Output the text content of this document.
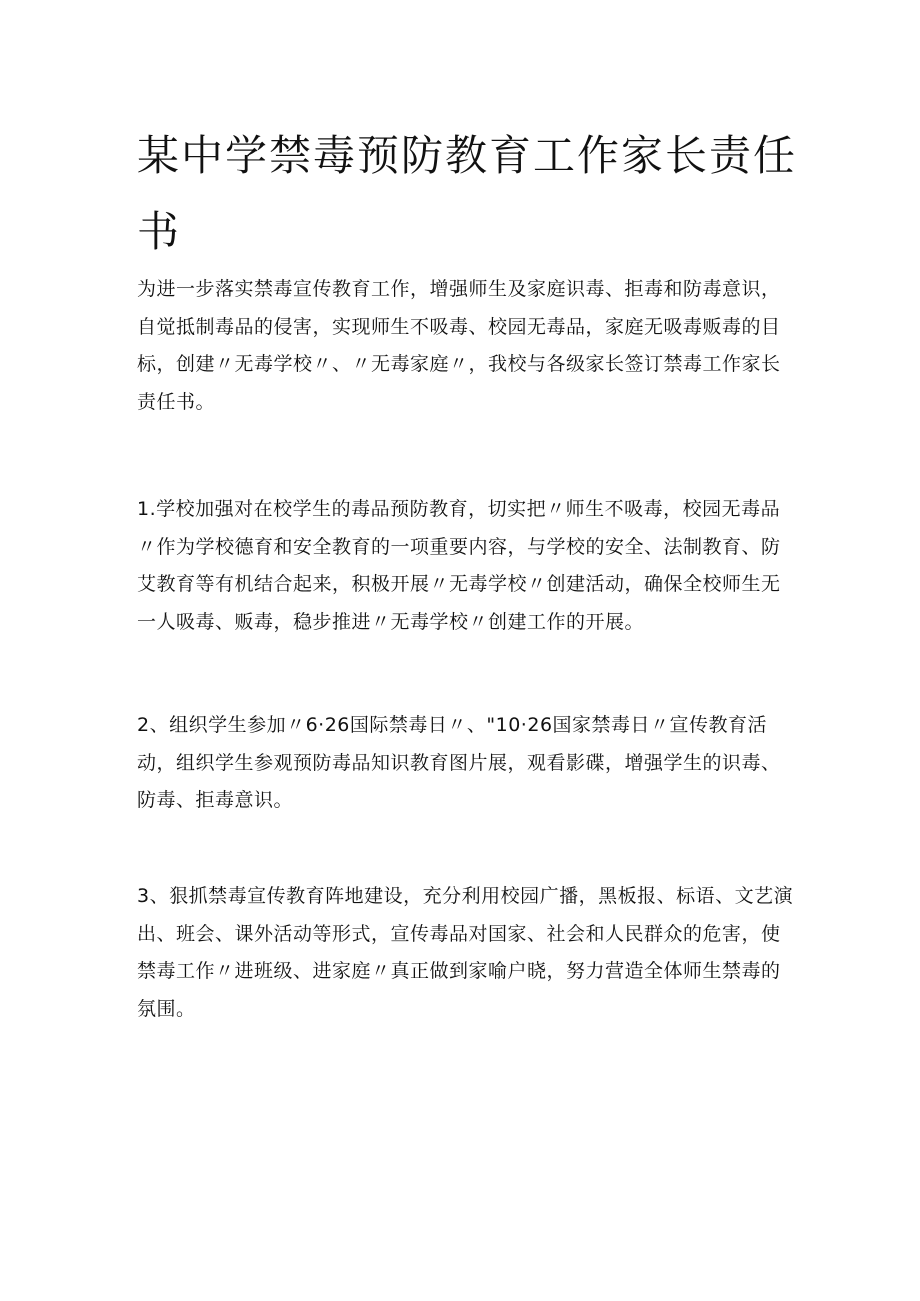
某中学禁毒预防教育工作家长责任书

为进一步落实禁毒宣传教育工作，增强师生及家庭识毒、拒毒和防毒意识，自觉抵制毒品的侵害，实现师生不吸毒、校园无毒品，家庭无吸毒贩毒的目标，创建〃无毒学校〃、〃无毒家庭〃，我校与各级家长签订禁毒工作家长责任书。

1.学校加强对在校学生的毒品预防教育，切实把〃师生不吸毒，校园无毒品〃作为学校德育和安全教育的一项重要内容，与学校的安全、法制教育、防艾教育等有机结合起来，积极开展〃无毒学校〃创建活动，确保全校师生无一人吸毒、贩毒，稳步推进〃无毒学校〃创建工作的开展。

2、组织学生参加〃6·26国际禁毒日〃、"10·26国家禁毒日〃宣传教育活动，组织学生参观预防毒品知识教育图片展，观看影碟，增强学生的识毒、防毒、拒毒意识。

3、狠抓禁毒宣传教育阵地建设，充分利用校园广播，黑板报、标语、文艺演出、班会、课外活动等形式，宣传毒品对国家、社会和人民群众的危害，使禁毒工作〃进班级、进家庭〃真正做到家喻户晓，努力营造全体师生禁毒的氛围。
